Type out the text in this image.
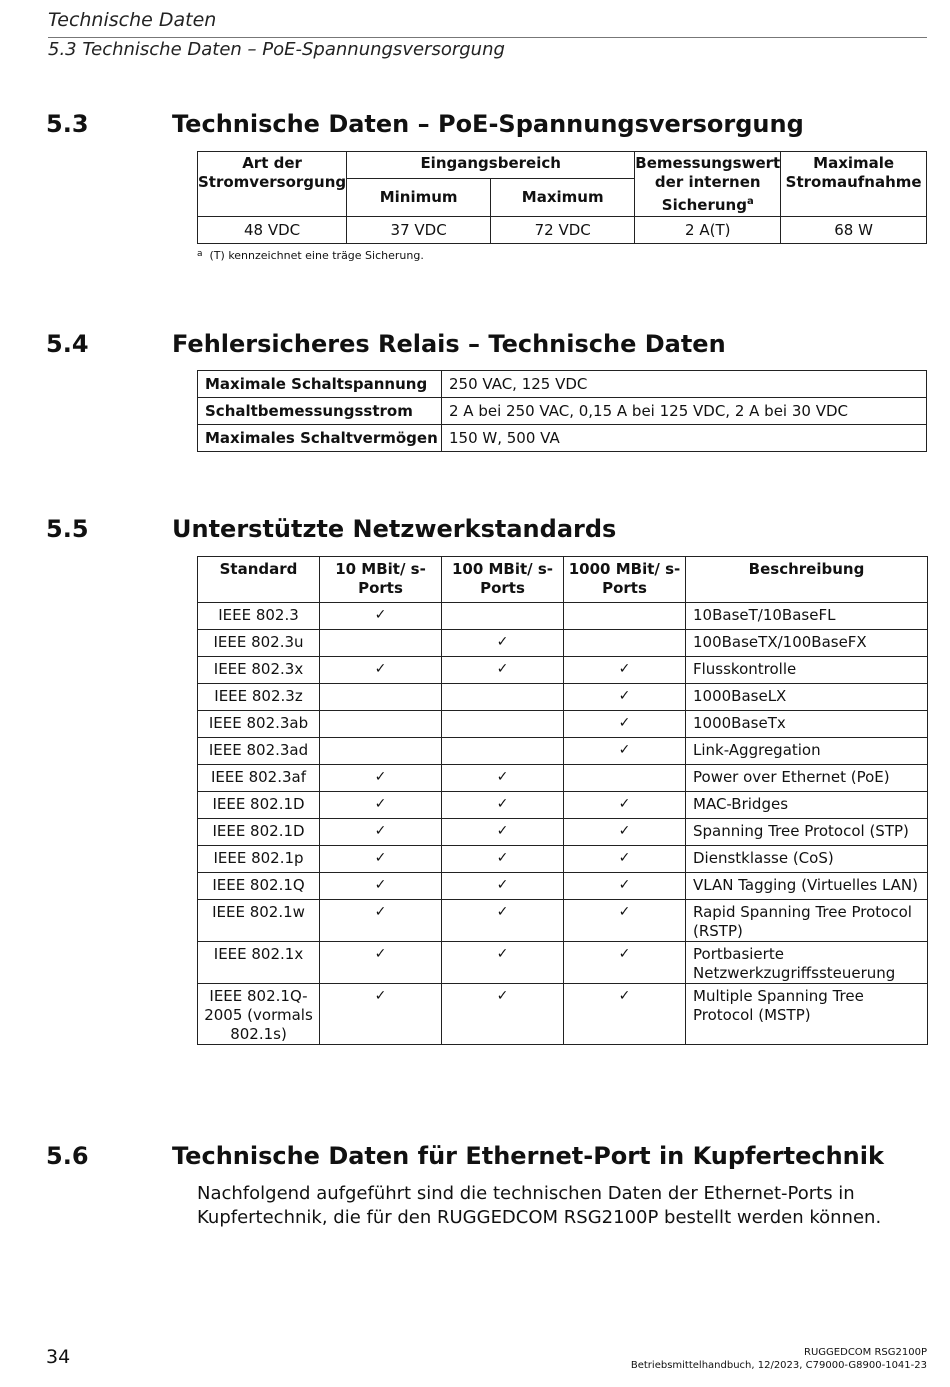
Technische Daten
5.3 Technische Daten – PoE-Spannungsversorgung
5.3	Technische Daten – PoE-Spannungsversorgung
Art der Stromversorgung	Eingangsbereich		Bemessungswert der internen Sicherung$^a$	Maximale Stromaufnahme
	Minimum	Maximum		
48 VDC	37 VDC	72 VDC	2 A(T)	68 W
$^a$ (T) kennzeichnet eine träge Sicherung.
5.4	Fehlersicheres Relais – Technische Daten
Maximale Schaltspannung	250 VAC, 125 VDC
Schaltbemessungsstrom	2 A bei 250 VAC, 0,15 A bei 125 VDC, 2 A bei 30 VDC
Maximales Schaltvermögen	150 W, 500 VA
5.5	Unterstützte Netzwerkstandards
Standard	10 MBit/ s-Ports	100 MBit/ s-Ports	1000 MBit/ s-Ports	Beschreibung
IEEE 802.3	✓			10BaseT/10BaseFL
IEEE 802.3u		✓		100BaseTX/100BaseFX
IEEE 802.3x	✓	✓	✓	Flusskontrolle
IEEE 802.3z			✓	1000BaseLX
IEEE 802.3ab			✓	1000BaseTx
IEEE 802.3ad			✓	Link-Aggregation
IEEE 802.3af	✓	✓		Power over Ethernet (PoE)
IEEE 802.1D	✓	✓	✓	MAC-Bridges
IEEE 802.1D	✓	✓	✓	Spanning Tree Protocol (STP)
IEEE 802.1p	✓	✓	✓	Dienstklasse (CoS)
IEEE 802.1Q	✓	✓	✓	VLAN Tagging (Virtuelles LAN)
IEEE 802.1w	✓	✓	✓	Rapid Spanning Tree Protocol (RSTP)
IEEE 802.1x	✓	✓	✓	Portbasierte Netzwerkzugriffssteuerung
IEEE 802.1Q-2005 (vormals 802.1s)	✓	✓	✓	Multiple Spanning Tree Protocol (MSTP)
5.6	Technische Daten für Ethernet-Port in Kupfertechnik
Nachfolgend aufgeführt sind die technischen Daten der Ethernet-Ports in Kupfertechnik, die für den RUGGEDCOM RSG2100P bestellt werden können.
34	RUGGEDCOM RSG2100P
Betriebsmittelhandbuch, 12/2023, C79000-G8900-1041-23
